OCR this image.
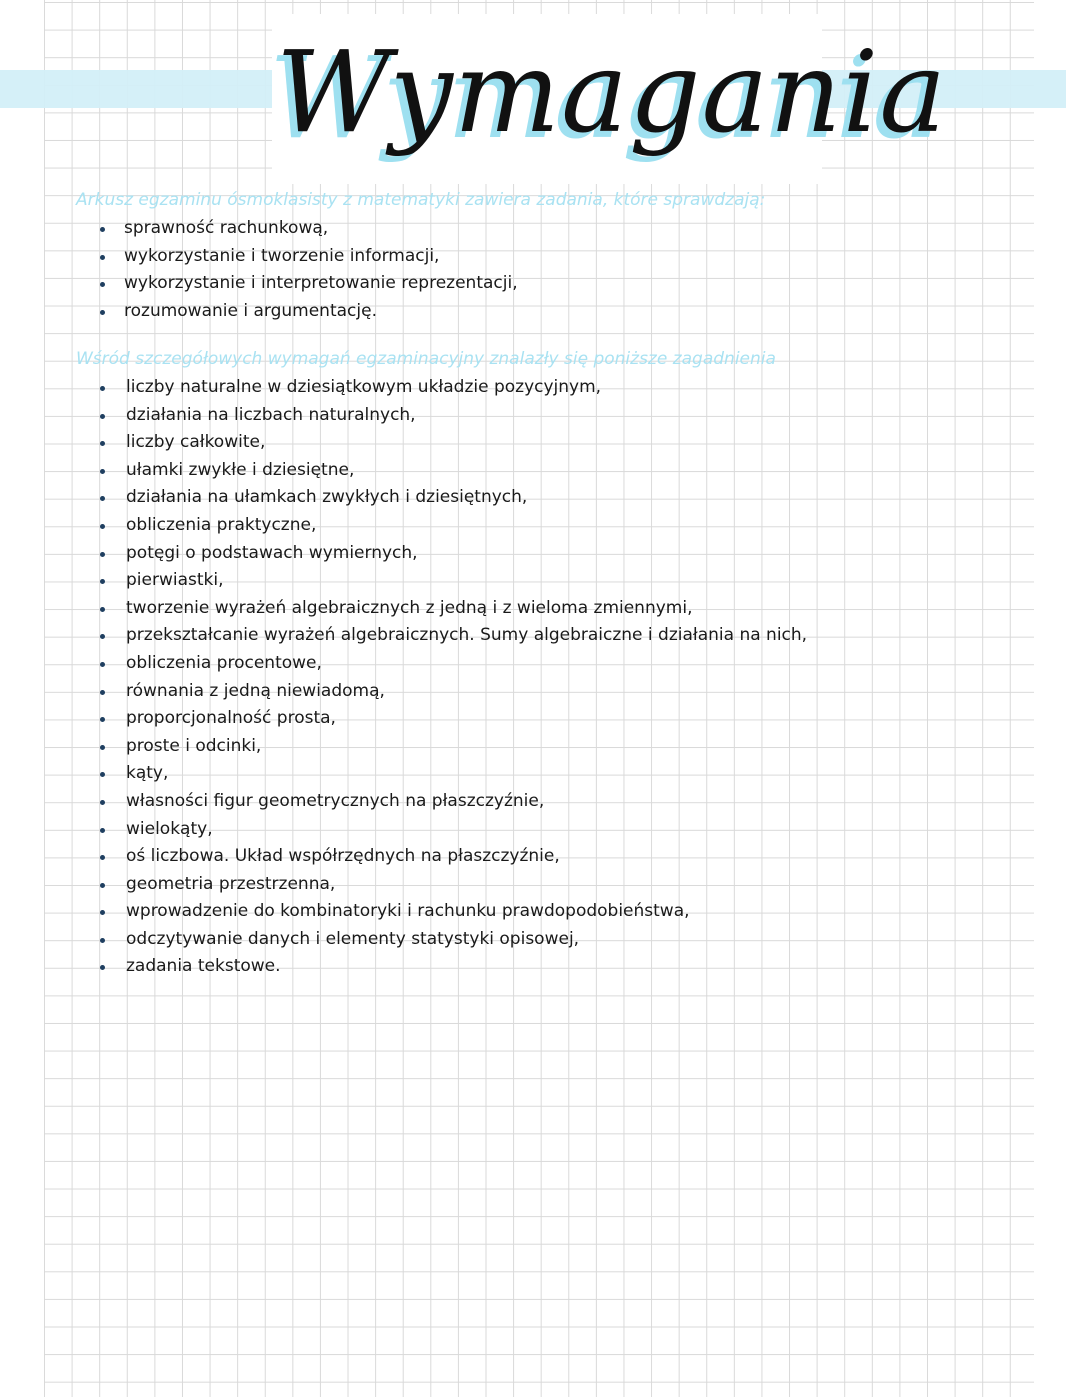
Wymagania

Arkusz egzaminu ósmoklasisty z matematyki zawiera zadania, które sprawdzają:

sprawność rachunkową,
wykorzystanie i tworzenie informacji,
wykorzystanie i interpretowanie reprezentacji,
rozumowanie i argumentację.

Wśród szczegółowych wymagań egzaminacyjny znalazły się poniższe zagadnienia

liczby naturalne w dziesiątkowym układzie pozycyjnym,
działania na liczbach naturalnych,
liczby całkowite,
ułamki zwykłe i dziesiętne,
działania na ułamkach zwykłych i dziesiętnych,
obliczenia praktyczne,
potęgi o podstawach wymiernych,
pierwiastki,
tworzenie wyrażeń algebraicznych z jedną i z wieloma zmiennymi,
przekształcanie wyrażeń algebraicznych. Sumy algebraiczne i działania na nich,
obliczenia procentowe,
równania z jedną niewiadomą,
proporcjonalność prosta,
proste i odcinki,
kąty,
własności figur geometrycznych na płaszczyźnie,
wielokąty,
oś liczbowa. Układ współrzędnych na płaszczyźnie,
geometria przestrzenna,
wprowadzenie do kombinatoryki i rachunku prawdopodobieństwa,
odczytywanie danych i elementy statystyki opisowej,
zadania tekstowe.
